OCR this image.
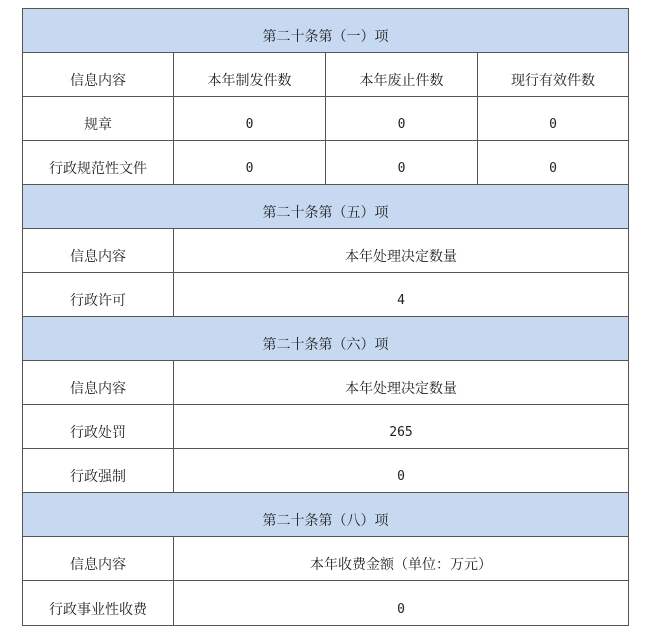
第二十条第（一）项			
信息内容	本年制发件数	本年废止件数	现行有效件数
规章	0	0	0
行政规范性文件	0	0	0
第二十条第（五）项			
信息内容	本年处理决定数量		
行政许可	4		
第二十条第（六）项			
信息内容	本年处理决定数量		
行政处罚	265		
行政强制	0		
第二十条第（八）项			
信息内容	本年收费金额（单位：万元）		
行政事业性收费	0		
